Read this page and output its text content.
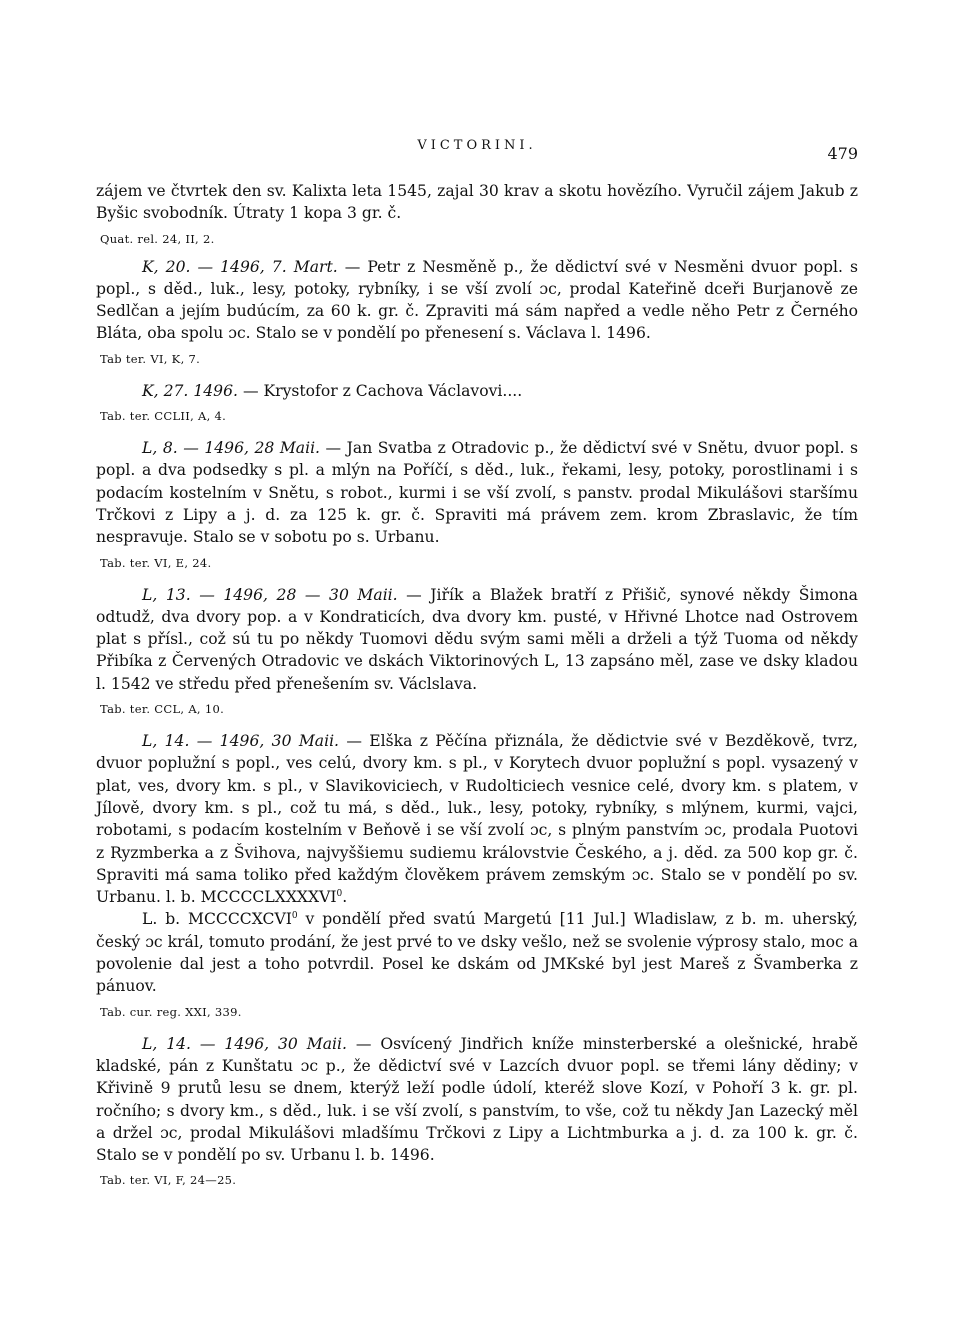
VICTORINI.	479

zájem ve čtvrtek den sv. Kalixta leta 1545, zajal 30 krav a skotu hovězího. Vyručil zájem Jakub z Byšic svobodník. Útraty 1 kopa 3 gr. č.

Quat. rel. 24, II, 2.

K, 20. — 1496, 7. Mart. — Petr z Nesměně p., že dědictví své v Nesměni dvuor popl. s popl., s děd., luk., lesy, potoky, rybníky, i se vší zvolí ɔc, prodal Kateřině dceři Burjanově ze Sedlčan a jejím budúcím, za 60 k. gr. č. Zpraviti má sám napřed a vedle něho Petr z Černého Bláta, oba spolu ɔc. Stalo se v pondělí po přenesení s. Václava l. 1496.

Tab ter. VI, K, 7.

K, 27. 1496. — Krystofor z Cachova Václavovi....

Tab. ter. CCLII, A, 4.

L, 8. — 1496, 28 Maii. — Jan Svatba z Otradovic p., že dědictví své v Snětu, dvuor popl. s popl. a dva podsedky s pl. a mlýn na Poříčí, s děd., luk., řekami, lesy, potoky, porostlinami i s podacím kostelním v Snětu, s robot., kurmi i se vší zvolí, s panstv. prodal Mikulášovi staršímu Trčkovi z Lipy a j. d. za 125 k. gr. č. Spraviti má právem zem. krom Zbraslavic, že tím nespravuje. Stalo se v sobotu po s. Urbanu.

Tab. ter. VI, E, 24.

L, 13. — 1496, 28 — 30 Maii. — Jiřík a Blažek bratří z Přišič, synové někdy Šimona odtudž, dva dvory pop. a v Kondraticích, dva dvory km. pusté, v Hřivné Lhotce nad Ostrovem plat s přísl., což sú tu po někdy Tuomovi dědu svým sami měli a drželi a týž Tuoma od někdy Přibíka z Červených Otradovic ve dskách Viktorinových L, 13 zapsáno měl, zase ve dsky kladou l. 1542 ve středu před přenešením sv. Václslava.

Tab. ter. CCL, A, 10.

L, 14. — 1496, 30 Maii. — Elška z Pěčína přiznála, že dědictvie své v Bezděkově, tvrz, dvuor poplužní s popl., ves celú, dvory km. s pl., v Korytech dvuor poplužní s popl. vysazený v plat, ves, dvory km. s pl., v Slavikoviciech, v Rudolticiech vesnice celé, dvory km. s platem, v Jílově, dvory km. s pl., což tu má, s děd., luk., lesy, potoky, rybníky, s mlýnem, kurmi, vajci, robotami, s podacím kostelním v Beňově i se vší zvolí ɔc, s plným panstvím ɔc, prodala Puotovi z Ryzmberka a z Švihova, najvyššiemu sudiemu královstvie Českého, a j. děd. za 500 kop gr. č. Spraviti má sama toliko před každým člověkem právem zemským ɔc. Stalo se v pondělí po sv. Urbanu. l. b. MCCCCLXXXXVI$^0$.

L. b. MCCCCXCVI$^0$ v pondělí před svatú Margetú [11 Jul.] Wladislaw, z b. m. uherský, český ɔc král, tomuto prodání, že jest prvé to ve dsky vešlo, než se svolenie výprosy stalo, moc a povolenie dal jest a toho potvrdil. Posel ke dskám od JMKské byl jest Mareš z Švamberka z pánuov.

Tab. cur. reg. XXI, 339.

L, 14. — 1496, 30 Maii. — Osvícený Jindřich kníže minsterberské a olešnické, hrabě kladské, pán z Kunštatu ɔc p., že dědictví své v Lazcích dvuor popl. se třemi lány dědiny; v Křivině 9 prutů lesu se dnem, kterýž leží podle údolí, kteréž slove Kozí, v Pohoří 3 k. gr. pl. ročního; s dvory km., s děd., luk. i se vší zvolí, s panstvím, to vše, což tu někdy Jan Lazecký měl a držel ɔc, prodal Mikulášovi mladšímu Trčkovi z Lipy a Lichtmburka a j. d. za 100 k. gr. č. Stalo se v pondělí po sv. Urbanu l. b. 1496.

Tab. ter. VI, F, 24—25.
